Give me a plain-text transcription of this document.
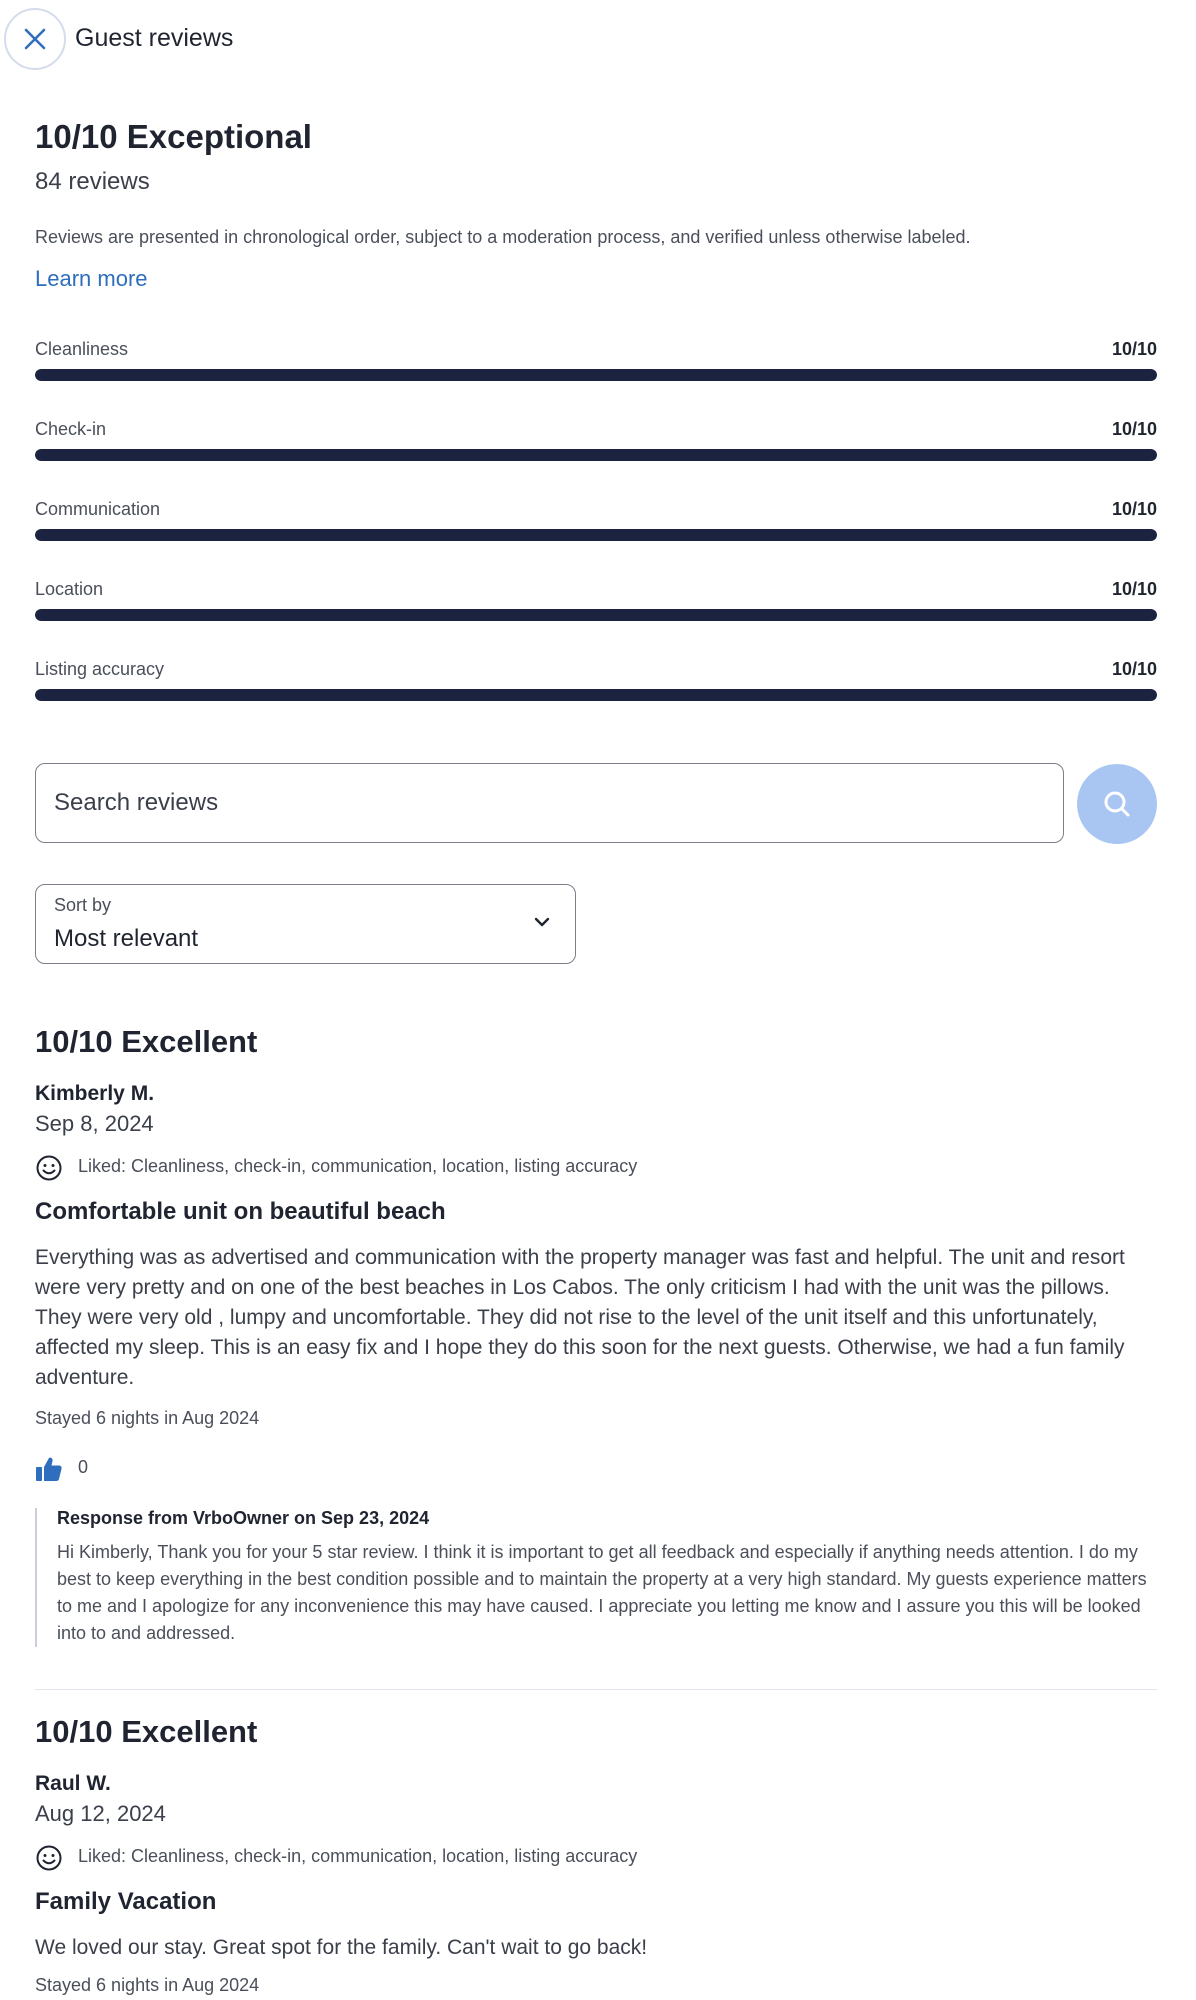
Guest reviews
10/10 Exceptional
84 reviews
Reviews are presented in chronological order, subject to a moderation process, and verified unless otherwise labeled.
Learn more
Cleanliness	10/10
Check-in	10/10
Communication	10/10
Location	10/10
Listing accuracy	10/10
Search reviews
Sort by
Most relevant
10/10 Excellent
Kimberly M.
Sep 8, 2024
Liked: Cleanliness, check-in, communication, location, listing accuracy
Comfortable unit on beautiful beach
Everything was as advertised and communication with the property manager was fast and helpful. The unit and resort were very pretty and on one of the best beaches in Los Cabos. The only criticism I had with the unit was the pillows. They were very old , lumpy and uncomfortable. They did not rise to the level of the unit itself and this unfortunately, affected my sleep. This is an easy fix and I hope they do this soon for the next guests. Otherwise, we had a fun family adventure.
Stayed 6 nights in Aug 2024
0
Response from VrboOwner on Sep 23, 2024
Hi Kimberly, Thank you for your 5 star review. I think it is important to get all feedback and especially if anything needs attention. I do my best to keep everything in the best condition possible and to maintain the property at a very high standard. My guests experience matters to me and I apologize for any inconvenience this may have caused. I appreciate you letting me know and I assure you this will be looked into to and addressed.
10/10 Excellent
Raul W.
Aug 12, 2024
Liked: Cleanliness, check-in, communication, location, listing accuracy
Family Vacation
We loved our stay. Great spot for the family. Can't wait to go back!
Stayed 6 nights in Aug 2024
